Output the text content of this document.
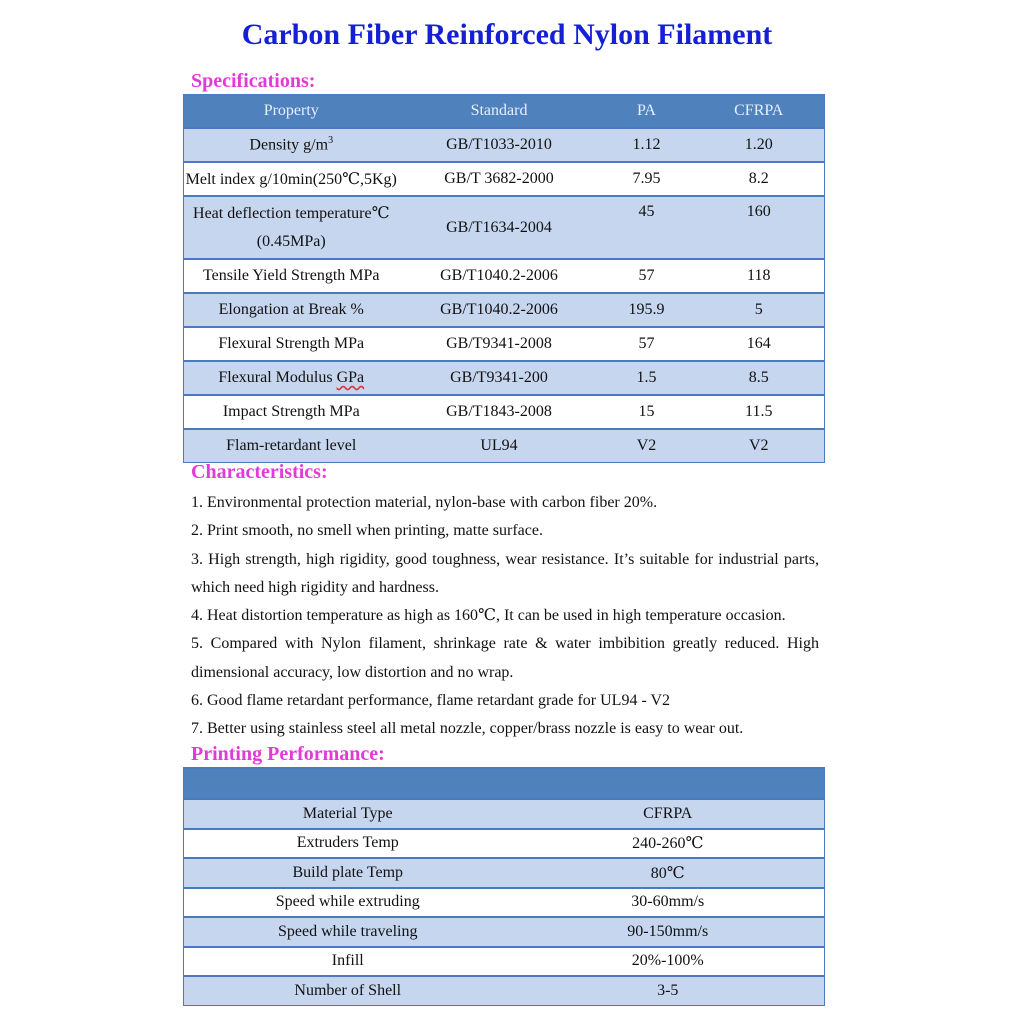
Carbon Fiber Reinforced Nylon Filament
Specifications:
Property	Standard	PA	CFRPA
Density $g/m^3$	GB/T1033-2010	1.12	1.20
Melt index g/10min(250℃,5Kg)	GB/T 3682-2000	7.95	8.2

Heat deflection temperature℃
(0.45MPa)	GB/T1634-2004	45	160
Tensile Yield Strength MPa	GB/T1040.2-2006	57	118
Elongation at Break %	GB/T1040.2-2006	195.9	5
Flexural Strength MPa	GB/T9341-2008	57	164
Flexural Modulus GPa	GB/T9341-200	1.5	8.5
Impact Strength MPa	GB/T1843-2008	15	11.5
Flam-retardant level	UL94	V2	V2
Characteristics:

1. Environmental protection material, nylon-base with carbon fiber 20%.

2. Print smooth, no smell when printing, matte surface.

3. High strength, high rigidity, good toughness, wear resistance. It’s suitable for industrial parts, which need high rigidity and hardness.

4. Heat distortion temperature as high as 160℃, It can be used in high temperature occasion.

5. Compared with Nylon filament, shrinkage rate & water imbibition greatly reduced. High dimensional accuracy, low distortion and no wrap.

6. Good flame retardant performance, flame retardant grade for UL94 - V2

7. Better using stainless steel all metal nozzle, copper/brass nozzle is easy to wear out.

Printing Performance:

Material Type	CFRPA
Extruders Temp	240-260℃
Build plate Temp	80℃
Speed while extruding	30-60mm/s
Speed while traveling	90-150mm/s
Infill	20%-100%
Number of Shell	3-5
